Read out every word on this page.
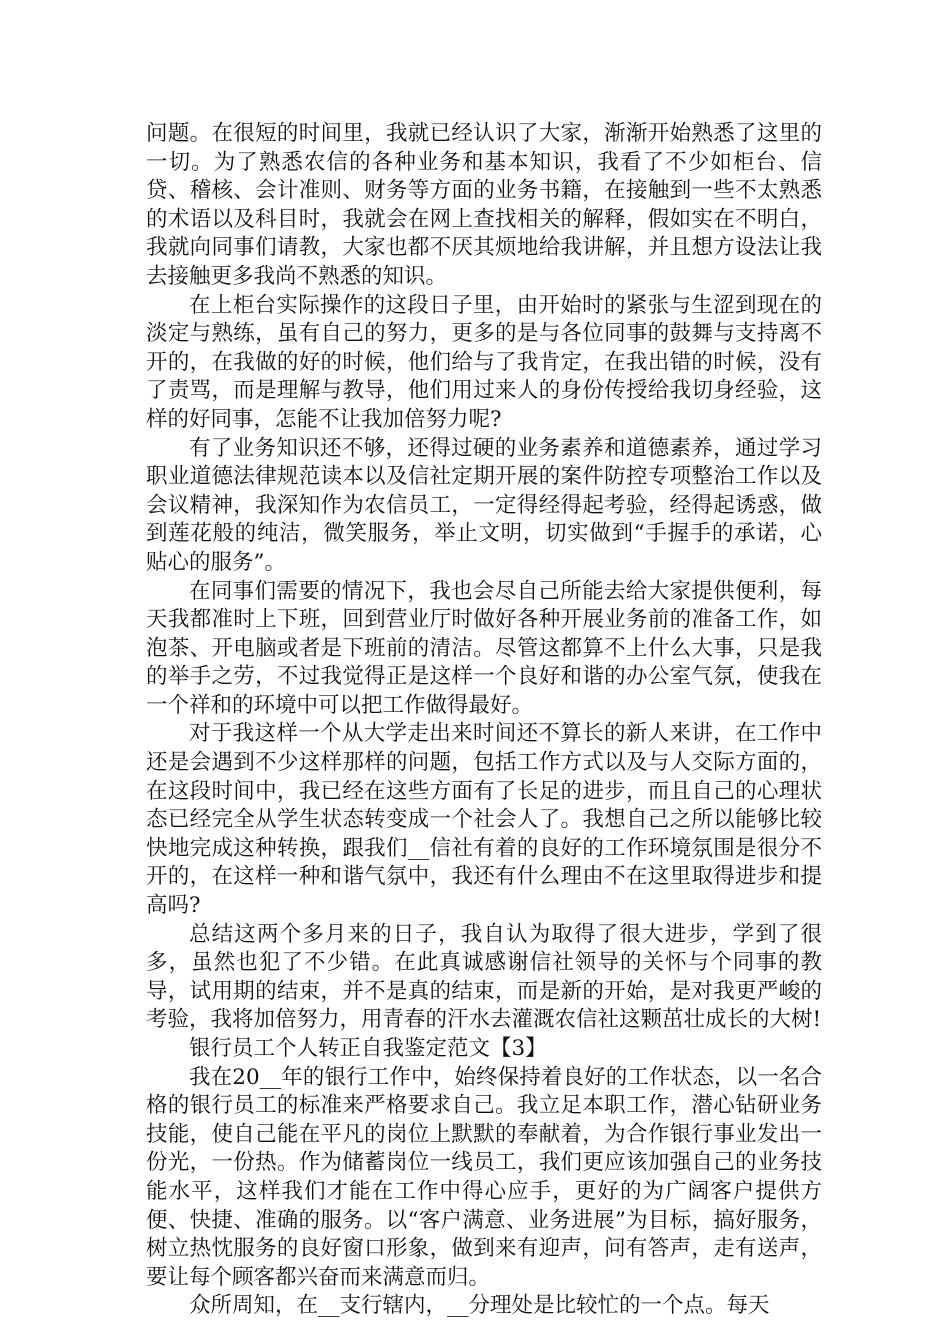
问题。在很短的时间里，我就已经认识了大家，渐渐开始熟悉了这里的一切。为了熟悉农信的各种业务和基本知识，我看了不少如柜台、信贷、稽核、会计准则、财务等方面的业务书籍，在接触到一些不太熟悉的术语以及科目时，我就会在网上查找相关的解释，假如实在不明白，我就向同事们请教，大家也都不厌其烦地给我讲解，并且想方设法让我去接触更多我尚不熟悉的知识。

在上柜台实际操作的这段日子里，由开始时的紧张与生涩到现在的淡定与熟练，虽有自己的努力，更多的是与各位同事的鼓舞与支持离不开的，在我做的好的时候，他们给与了我肯定，在我出错的时候，没有了责骂，而是理解与教导，他们用过来人的身份传授给我切身经验，这样的好同事，怎能不让我加倍努力呢?

有了业务知识还不够，还得过硬的业务素养和道德素养，通过学习职业道德法律规范读本以及信社定期开展的案件防控专项整治工作以及会议精神，我深知作为农信员工，一定得经得起考验，经得起诱惑，做到莲花般的纯洁，微笑服务，举止文明，切实做到“手握手的承诺，心贴心的服务”。

在同事们需要的情况下，我也会尽自己所能去给大家提供便利，每天我都准时上下班，回到营业厅时做好各种开展业务前的准备工作，如泡茶、开电脑或者是下班前的清洁。尽管这都算不上什么大事，只是我的举手之劳，不过我觉得正是这样一个良好和谐的办公室气氛，使我在一个祥和的环境中可以把工作做得最好。

对于我这样一个从大学走出来时间还不算长的新人来讲，在工作中还是会遇到不少这样那样的问题，包括工作方式以及与人交际方面的，在这段时间中，我已经在这些方面有了长足的进步，而且自己的心理状态已经完全从学生状态转变成一个社会人了。我想自己之所以能够比较快地完成这种转换，跟我们__信社有着的良好的工作环境氛围是很分不开的，在这样一种和谐气氛中，我还有什么理由不在这里取得进步和提高吗?

总结这两个多月来的日子，我自认为取得了很大进步，学到了很多，虽然也犯了不少错。在此真诚感谢信社领导的关怀与个同事的教导，试用期的结束，并不是真的结束，而是新的开始，是对我更严峻的考验，我将加倍努力，用青春的汗水去灌溉农信社这颗茁壮成长的大树!

银行员工个人转正自我鉴定范文【3】

我在20__年的银行工作中，始终保持着良好的工作状态，以一名合格的银行员工的标准来严格要求自己。我立足本职工作，潜心钻研业务技能，使自己能在平凡的岗位上默默的奉献着，为合作银行事业发出一份光，一份热。作为储蓄岗位一线员工，我们更应该加强自己的业务技能水平，这样我们才能在工作中得心应手，更好的为广阔客户提供方便、快捷、准确的服务。以“客户满意、业务进展”为目标，搞好服务，树立热忱服务的良好窗口形象，做到来有迎声，问有答声，走有送声，要让每个顾客都兴奋而来满意而归。

众所周知，在__支行辖内，__分理处是比较忙的一个点。每天
